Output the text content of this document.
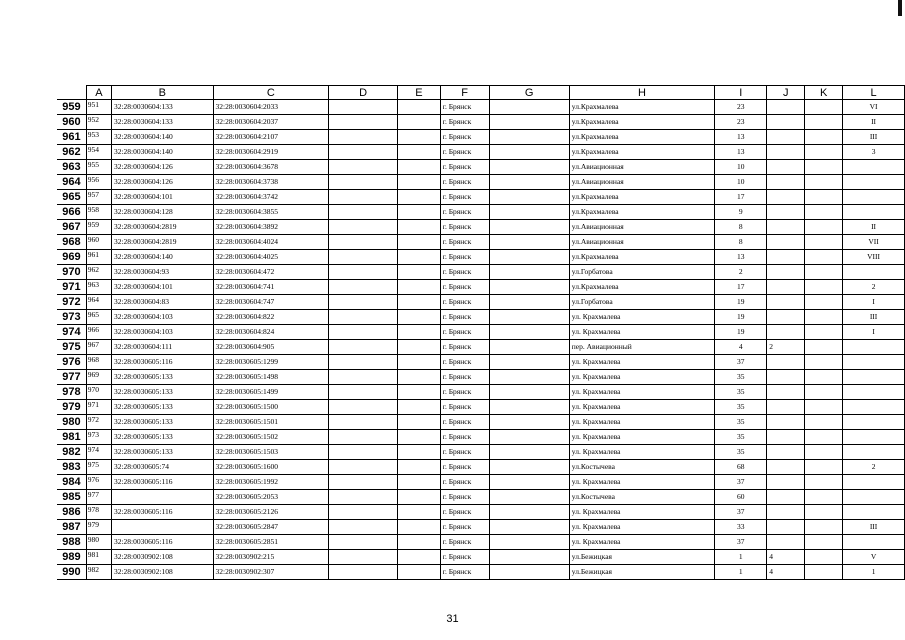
	A	B	C	D	E	F	G	H	I	J	K	L
959	951	32:28:0030604:133	32:28:0030604:2033			г. Брянск		ул.Крахмалева	23			VI
960	952	32:28:0030604:133	32:28:0030604:2037			г. Брянск		ул.Крахмалева	23			II
961	953	32:28:0030604:140	32:28:0030604:2107			г. Брянск		ул.Крахмалева	13			III
962	954	32:28:0030604:140	32:28:0030604:2919			г. Брянск		ул.Крахмалева	13			3
963	955	32:28:0030604:126	32:28:0030604:3678			г. Брянск		ул.Авиационная	10			
964	956	32:28:0030604:126	32:28:0030604:3738			г. Брянск		ул.Авиационная	10			
965	957	32:28:0030604:101	32:28:0030604:3742			г. Брянск		ул.Крахмалева	17			
966	958	32:28:0030604:128	32:28:0030604:3855			г. Брянск		ул.Крахмалева	9			
967	959	32:28:0030604:2819	32:28:0030604:3892			г. Брянск		ул.Авиационная	8			II
968	960	32:28:0030604:2819	32:28:0030604:4024			г. Брянск		ул.Авиационная	8			VII
969	961	32:28:0030604:140	32:28:0030604:4025			г. Брянск		ул.Крахмалева	13			VIII
970	962	32:28:0030604:93	32:28:0030604:472			г. Брянск		ул.Горбатова	2			
971	963	32:28:0030604:101	32:28:0030604:741			г. Брянск		ул.Крахмалева	17			2
972	964	32:28:0030604:83	32:28:0030604:747			г. Брянск		ул.Горбатова	19			I
973	965	32:28:0030604:103	32:28:0030604:822			г. Брянск		ул. Крахмалева	19			III
974	966	32:28:0030604:103	32:28:0030604:824			г. Брянск		ул. Крахмалева	19			I
975	967	32:28:0030604:111	32:28:0030604:905			г. Брянск		пер. Авиационный	4	2		
976	968	32:28:0030605:116	32:28:0030605:1299			г. Брянск		ул. Крахмалева	37			
977	969	32:28:0030605:133	32:28:0030605:1498			г. Брянск		ул. Крахмалева	35			
978	970	32:28:0030605:133	32:28:0030605:1499			г. Брянск		ул. Крахмалева	35			
979	971	32:28:0030605:133	32:28:0030605:1500			г. Брянск		ул. Крахмалева	35			
980	972	32:28:0030605:133	32:28:0030605:1501			г. Брянск		ул. Крахмалева	35			
981	973	32:28:0030605:133	32:28:0030605:1502			г. Брянск		ул. Крахмалева	35			
982	974	32:28:0030605:133	32:28:0030605:1503			г. Брянск		ул. Крахмалева	35			
983	975	32:28:0030605:74	32:28:0030605:1600			г. Брянск		ул.Костычева	68			2
984	976	32:28:0030605:116	32:28:0030605:1992			г. Брянск		ул. Крахмалева	37			
985	977		32:28:0030605:2053			г. Брянск		ул.Костычева	60			
986	978	32:28:0030605:116	32:28:0030605:2126			г. Брянск		ул. Крахмалева	37			
987	979		32:28:0030605:2847			г. Брянск		ул. Крахмалева	33			III
988	980	32:28:0030605:116	32:28:0030605:2851			г. Брянск		ул. Крахмалева	37			
989	981	32:28:0030902:108	32:28:0030902:215			г. Брянск		ул.Бежицкая	1	4		V
990	982	32:28:0030902:108	32:28:0030902:307			г. Брянск		ул.Бежицкая	1	4		1
31
